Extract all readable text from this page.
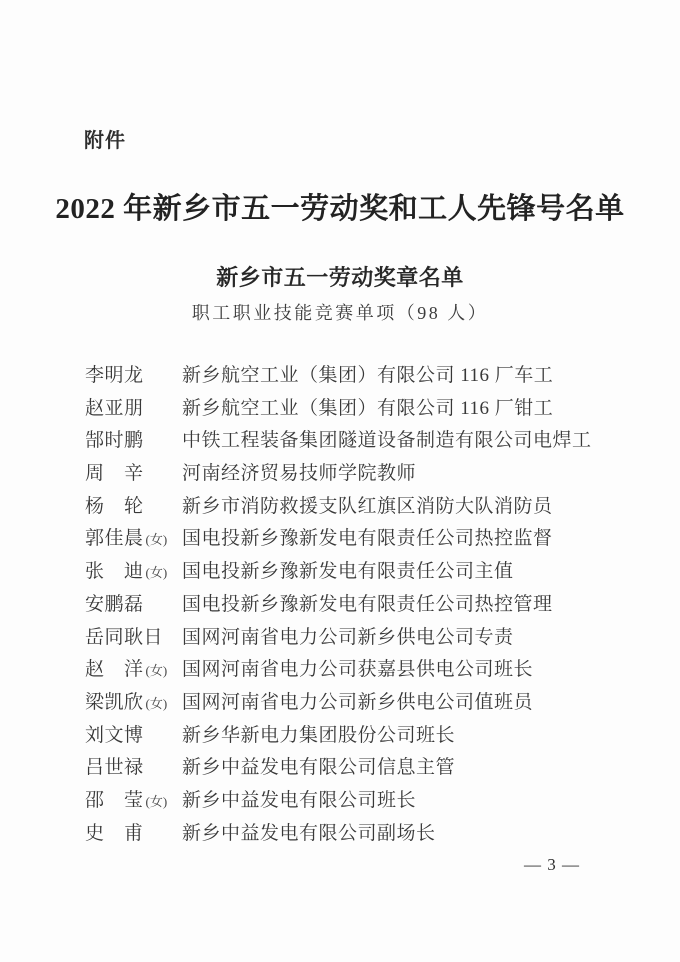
附件
2022 年新乡市五一劳动奖和工人先锋号名单
新乡市五一劳动奖章名单
职工职业技能竞赛单项（98 人）
李明龙	新乡航空工业（集团）有限公司 116 厂车工
赵亚朋	新乡航空工业（集团）有限公司 116 厂钳工
郜时鹏	中铁工程装备集团隧道设备制造有限公司电焊工
周　辛	河南经济贸易技师学院教师
杨　轮	新乡市消防救援支队红旗区消防大队消防员
郭佳晨 (女) 国电投新乡豫新发电有限责任公司热控监督
张　迪 (女) 国电投新乡豫新发电有限责任公司主值
安鹏磊	国电投新乡豫新发电有限责任公司热控管理
岳同耿日 国网河南省电力公司新乡供电公司专责
赵　洋 (女) 国网河南省电力公司获嘉县供电公司班长
梁凯欣 (女) 国网河南省电力公司新乡供电公司值班员
刘文博	新乡华新电力集团股份公司班长
吕世禄	新乡中益发电有限公司信息主管
邵　莹 (女) 新乡中益发电有限公司班长
史　甫	新乡中益发电有限公司副场长
— 3 —
